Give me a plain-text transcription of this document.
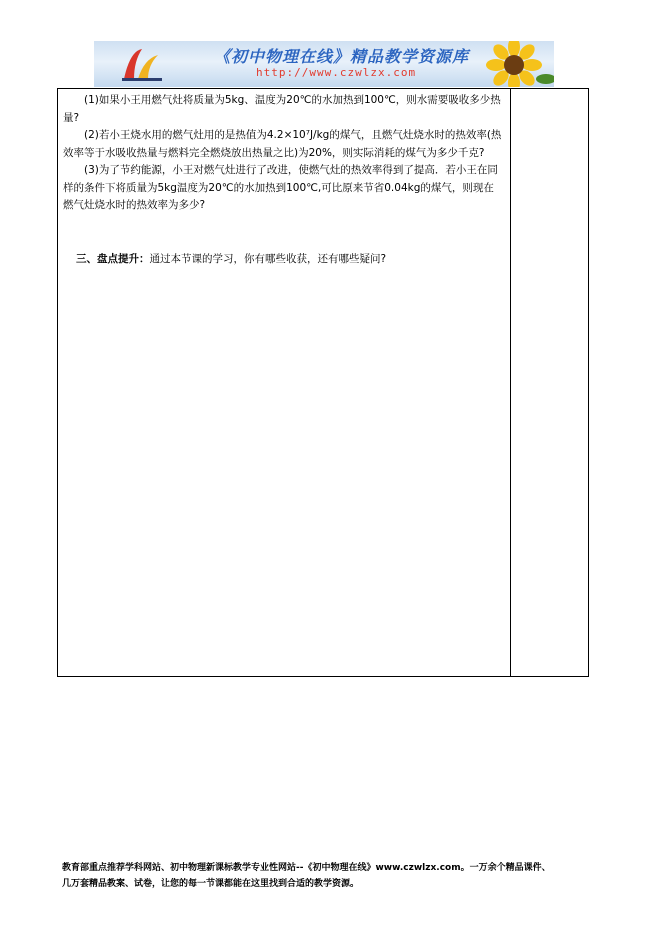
《初中物理在线》精品教学资源库
http://www.czwlzx.com

(1)如果小王用燃气灶将质量为5kg、温度为20℃的水加热到100℃，则水需要吸收多少热量?

(2)若小王烧水用的燃气灶用的是热值为4.2×10⁷J/kg的煤气，且燃气灶烧水时的热效率(热效率等于水吸收热量与燃料完全燃烧放出热量之比)为20%，则实际消耗的煤气为多少千克?

(3)为了节约能源，小王对燃气灶进行了改进，使燃气灶的热效率得到了提高．若小王在同样的条件下将质量为5kg温度为20℃的水加热到100℃,可比原来节省0.04kg的煤气，则现在燃气灶烧水时的热效率为多少?

三、盘点提升：通过本节课的学习，你有哪些收获，还有哪些疑问?

教育部重点推荐学科网站、初中物理新课标教学专业性网站--《初中物理在线》www.czwlzx.com。一万余个精品课件、
几万套精品教案、试卷，让您的每一节课都能在这里找到合适的教学资源。
